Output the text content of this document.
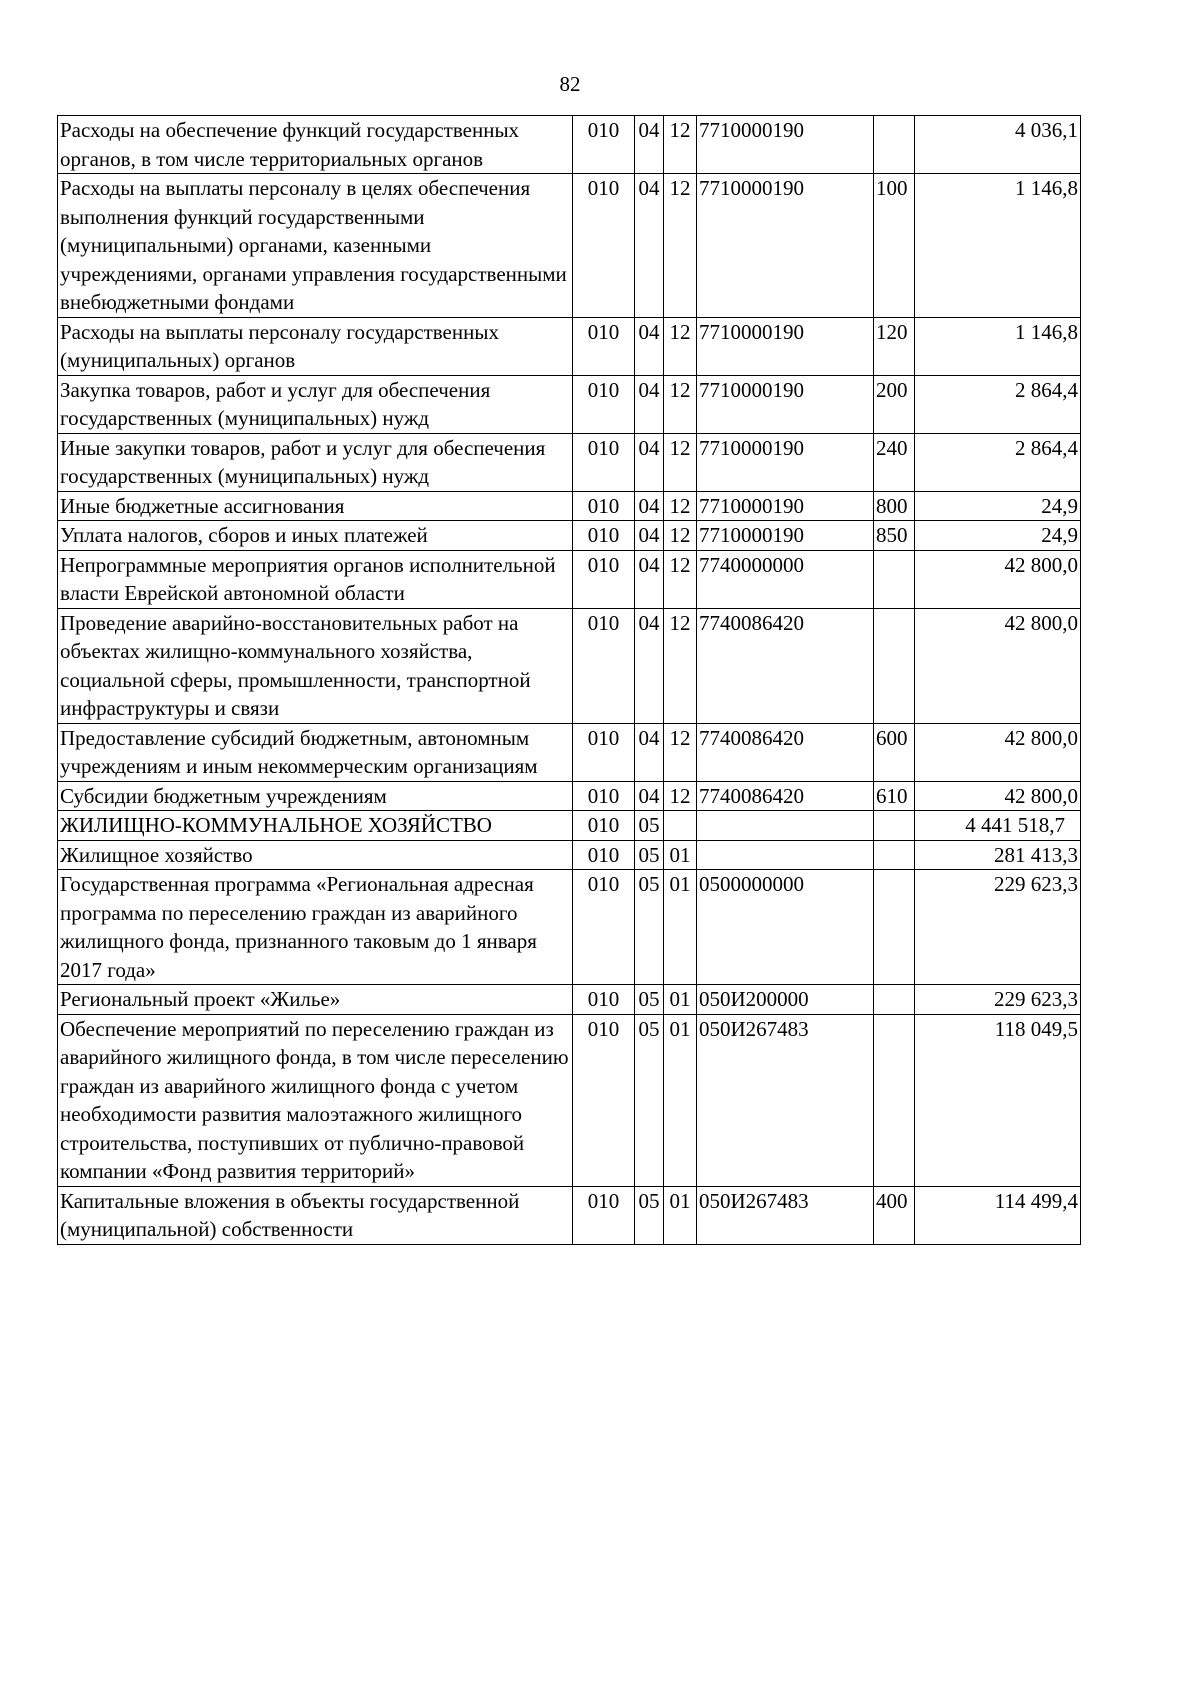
82
Расходы на обеспечение функций государственных органов, в том числе территориальных органов	010	04	12	7710000190		4 036,1
Расходы на выплаты персоналу в целях обеспечения выполнения функций государственными (муниципальными) органами, казенными учреждениями, органами управления государственными внебюджетными фондами	010	04	12	7710000190	100	1 146,8
Расходы на выплаты персоналу государственных (муниципальных) органов	010	04	12	7710000190	120	1 146,8
Закупка товаров, работ и услуг для обеспечения государственных (муниципальных) нужд	010	04	12	7710000190	200	2 864,4
Иные закупки товаров, работ и услуг для обеспечения государственных (муниципальных) нужд	010	04	12	7710000190	240	2 864,4
Иные бюджетные ассигнования	010	04	12	7710000190	800	24,9
Уплата налогов, сборов и иных платежей	010	04	12	7710000190	850	24,9
Непрограммные мероприятия органов исполнительной власти Еврейской автономной области	010	04	12	7740000000		42 800,0
Проведение аварийно-восстановительных работ на объектах жилищно-коммунального хозяйства, социальной сферы, промышленности, транспортной инфраструктуры и связи	010	04	12	7740086420		42 800,0
Предоставление субсидий бюджетным, автономным учреждениям и иным некоммерческим организациям	010	04	12	7740086420	600	42 800,0
Субсидии бюджетным учреждениям	010	04	12	7740086420	610	42 800,0
ЖИЛИЩНО-КОММУНАЛЬНОЕ ХОЗЯЙСТВО	010	05				4 441 518,7
Жилищное хозяйство	010	05	01			281 413,3
Государственная программа «Региональная адресная программа по переселению граждан из аварийного жилищного фонда, признанного таковым до 1 января 2017 года»	010	05	01	0500000000		229 623,3
Региональный проект «Жилье»	010	05	01	050И200000		229 623,3
Обеспечение мероприятий по переселению граждан из аварийного жилищного фонда, в том числе переселению граждан из аварийного жилищного фонда с учетом необходимости развития малоэтажного жилищного строительства, поступивших от публично-правовой компании «Фонд развития территорий»	010	05	01	050И267483		118 049,5
Капитальные вложения в объекты государственной (муниципальной) собственности	010	05	01	050И267483	400	114 499,4
